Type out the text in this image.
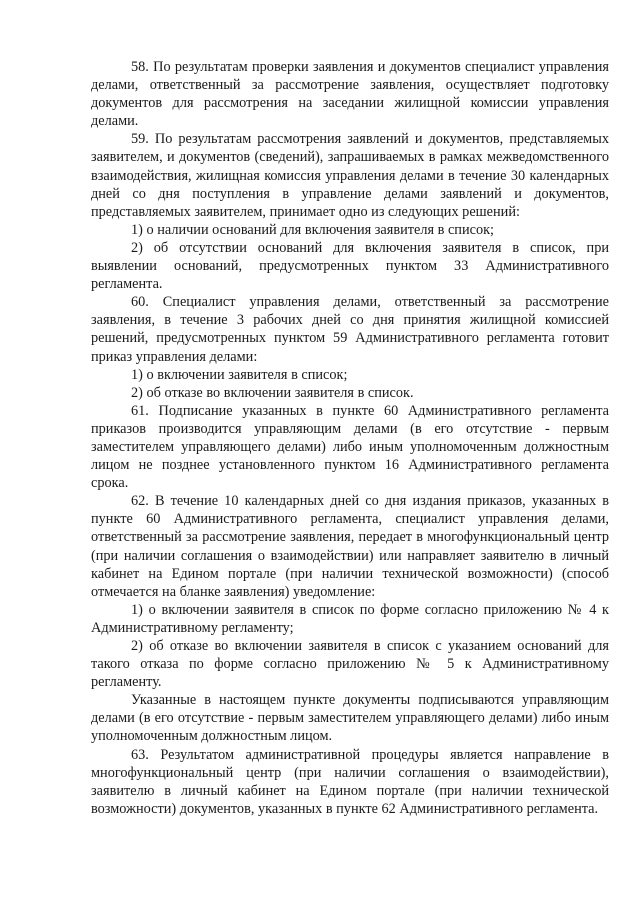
58. По результатам проверки заявления и документов специалист управления делами, ответственный за рассмотрение заявления, осуществляет подготовку документов для рассмотрения на заседании жилищной комиссии управления делами.

59. По результатам рассмотрения заявлений и документов, представляемых заявителем, и документов (сведений), запрашиваемых в рамках межведомственного взаимодействия, жилищная комиссия управления делами в течение 30 календарных дней со дня поступления в управление делами заявлений и документов, представляемых заявителем, принимает одно из следующих решений:

1) о наличии оснований для включения заявителя в список;

2) об отсутствии оснований для включения заявителя в список, при выявлении оснований, предусмотренных пунктом 33 Административного регламента.

60. Специалист управления делами, ответственный за рассмотрение заявления, в течение 3 рабочих дней со дня принятия жилищной комиссией решений, предусмотренных пунктом 59 Административного регламента готовит приказ управления делами:

1) о включении заявителя в список;

2) об отказе во включении заявителя в список.

61. Подписание указанных в пункте 60 Административного регламента приказов производится управляющим делами (в его отсутствие - первым заместителем управляющего делами) либо иным уполномоченным должностным лицом не позднее установленного пунктом 16 Административного регламента срока.

62. В течение 10 календарных дней со дня издания приказов, указанных в пункте 60 Административного регламента, специалист управления делами, ответственный за рассмотрение заявления, передает в многофункциональный центр (при наличии соглашения о взаимодействии) или направляет заявителю в личный кабинет на Едином портале (при наличии технической возможности) (способ отмечается на бланке заявления) уведомление:

1) о включении заявителя в список по форме согласно приложению № 4 к Административному регламенту;

2) об отказе во включении заявителя в список с указанием оснований для такого отказа по форме согласно приложению № 5 к Административному регламенту.

Указанные в настоящем пункте документы подписываются управляющим делами (в его отсутствие - первым заместителем управляющего делами) либо иным уполномоченным должностным лицом.

63. Результатом административной процедуры является направление в многофункциональный центр (при наличии соглашения о взаимодействии), заявителю в личный кабинет на Едином портале (при наличии технической возможности) документов, указанных в пункте 62 Административного регламента.
